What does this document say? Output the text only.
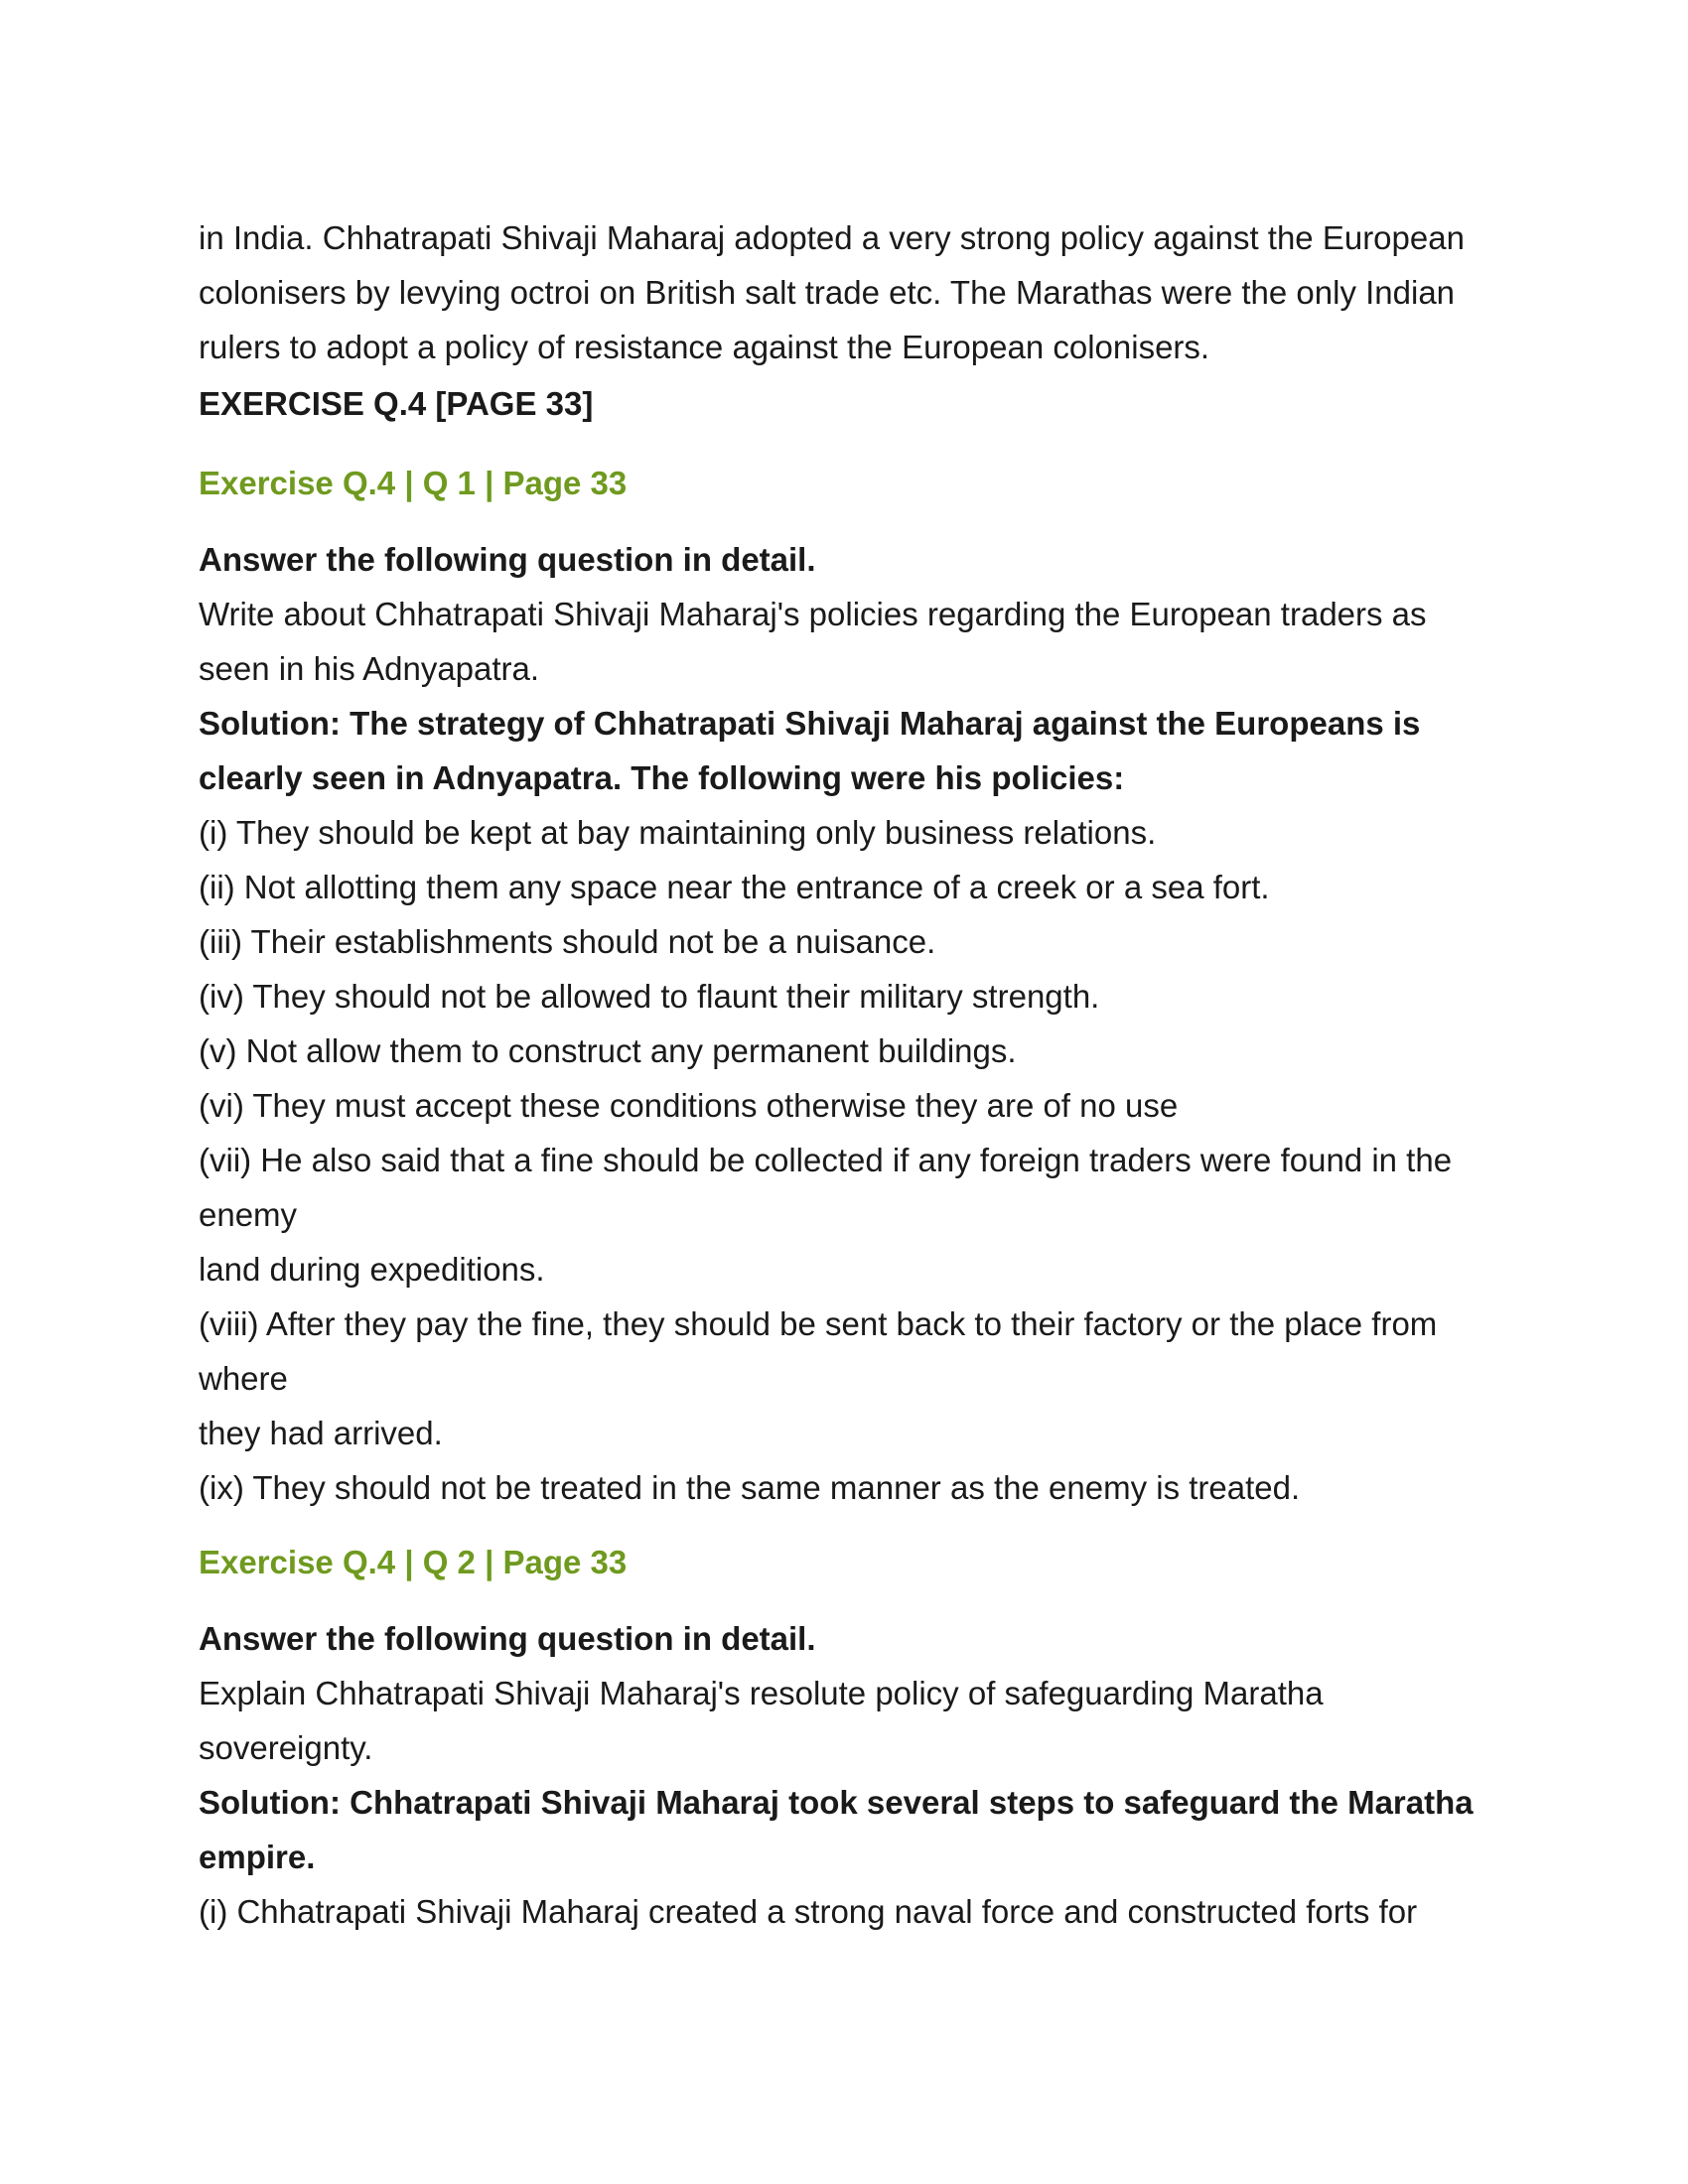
in India. Chhatrapati Shivaji Maharaj adopted a very strong policy against the European
colonisers by levying octroi on British salt trade etc. The Marathas were the only Indian
rulers to adopt a policy of resistance against the European colonisers.
EXERCISE Q.4 [PAGE 33]
Exercise Q.4 | Q 1 | Page 33
Answer the following question in detail.
Write about Chhatrapati Shivaji Maharaj's policies regarding the European traders as
seen in his Adnyapatra.
Solution: The strategy of Chhatrapati Shivaji Maharaj against the Europeans is
clearly seen in Adnyapatra. The following were his policies:
(i) They should be kept at bay maintaining only business relations.
(ii) Not allotting them any space near the entrance of a creek or a sea fort.
(iii) Their establishments should not be a nuisance.
(iv) They should not be allowed to flaunt their military strength.
(v) Not allow them to construct any permanent buildings.
(vi) They must accept these conditions otherwise they are of no use
(vii) He also said that a fine should be collected if any foreign traders were found in the
enemy
land during expeditions.
(viii) After they pay the fine, they should be sent back to their factory or the place from
where
they had arrived.
(ix) They should not be treated in the same manner as the enemy is treated.
Exercise Q.4 | Q 2 | Page 33
Answer the following question in detail.
Explain Chhatrapati Shivaji Maharaj's resolute policy of safeguarding Maratha
sovereignty.
Solution: Chhatrapati Shivaji Maharaj took several steps to safeguard the Maratha
empire.
(i) Chhatrapati Shivaji Maharaj created a strong naval force and constructed forts for
